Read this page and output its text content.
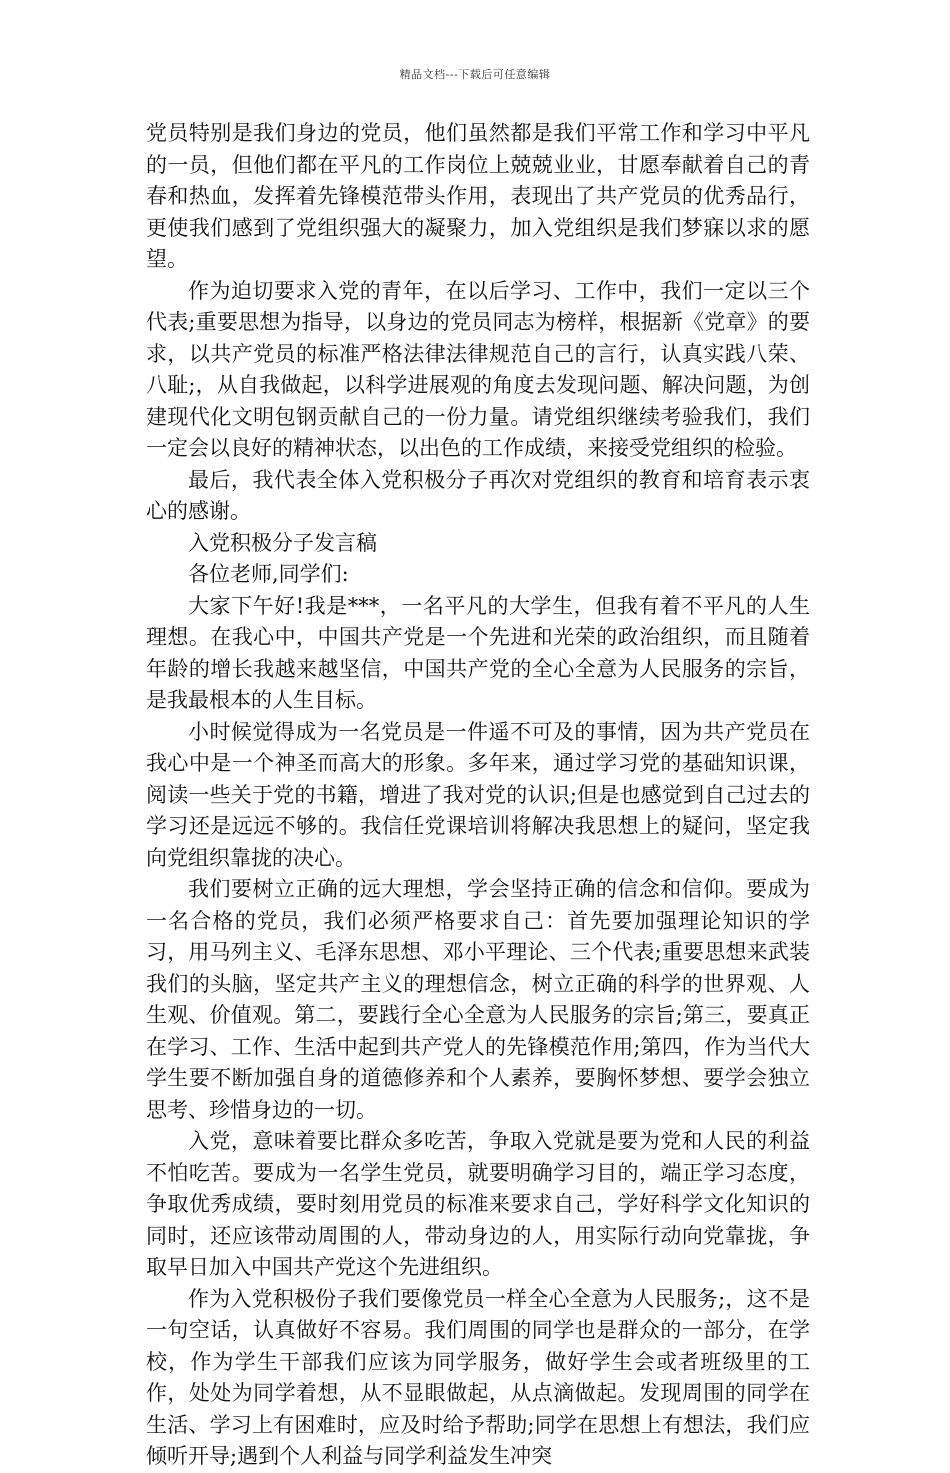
精品文档---下载后可任意编辑

党员特别是我们身边的党员，他们虽然都是我们平常工作和学习中平凡的一员，但他们都在平凡的工作岗位上兢兢业业，甘愿奉献着自己的青春和热血，发挥着先锋模范带头作用，表现出了共产党员的优秀品行，更使我们感到了党组织强大的凝聚力，加入党组织是我们梦寐以求的愿望。

作为迫切要求入党的青年，在以后学习、工作中，我们一定以三个代表;重要思想为指导，以身边的党员同志为榜样，根据新《党章》的要求，以共产党员的标准严格法律法律规范自己的言行，认真实践八荣、八耻;，从自我做起，以科学进展观的角度去发现问题、解决问题，为创建现代化文明包钢贡献自己的一份力量。请党组织继续考验我们，我们一定会以良好的精神状态，以出色的工作成绩，来接受党组织的检验。

最后，我代表全体入党积极分子再次对党组织的教育和培育表示衷心的感谢。

入党积极分子发言稿

各位老师,同学们:

大家下午好!我是***，一名平凡的大学生，但我有着不平凡的人生理想。在我心中，中国共产党是一个先进和光荣的政治组织，而且随着年龄的增长我越来越坚信，中国共产党的全心全意为人民服务的宗旨，是我最根本的人生目标。

小时候觉得成为一名党员是一件遥不可及的事情，因为共产党员在我心中是一个神圣而高大的形象。多年来，通过学习党的基础知识课，阅读一些关于党的书籍，增进了我对党的认识;但是也感觉到自己过去的学习还是远远不够的。我信任党课培训将解决我思想上的疑问，坚定我向党组织靠拢的决心。

我们要树立正确的远大理想，学会坚持正确的信念和信仰。要成为一名合格的党员，我们必须严格要求自己：首先要加强理论知识的学习，用马列主义、毛泽东思想、邓小平理论、三个代表;重要思想来武装我们的头脑，坚定共产主义的理想信念，树立正确的科学的世界观、人生观、价值观。第二，要践行全心全意为人民服务的宗旨;第三，要真正在学习、工作、生活中起到共产党人的先锋模范作用;第四，作为当代大学生要不断加强自身的道德修养和个人素养，要胸怀梦想、要学会独立思考、珍惜身边的一切。

入党，意味着要比群众多吃苦，争取入党就是要为党和人民的利益不怕吃苦。要成为一名学生党员，就要明确学习目的，端正学习态度，争取优秀成绩，要时刻用党员的标准来要求自己，学好科学文化知识的同时，还应该带动周围的人，带动身边的人，用实际行动向党靠拢，争取早日加入中国共产党这个先进组织。

作为入党积极份子我们要像党员一样全心全意为人民服务;，这不是一句空话，认真做好不容易。我们周围的同学也是群众的一部分，在学校，作为学生干部我们应该为同学服务，做好学生会或者班级里的工作，处处为同学着想，从不显眼做起，从点滴做起。发现周围的同学在生活、学习上有困难时，应及时给予帮助;同学在思想上有想法，我们应倾听开导;遇到个人利益与同学利益发生冲突
